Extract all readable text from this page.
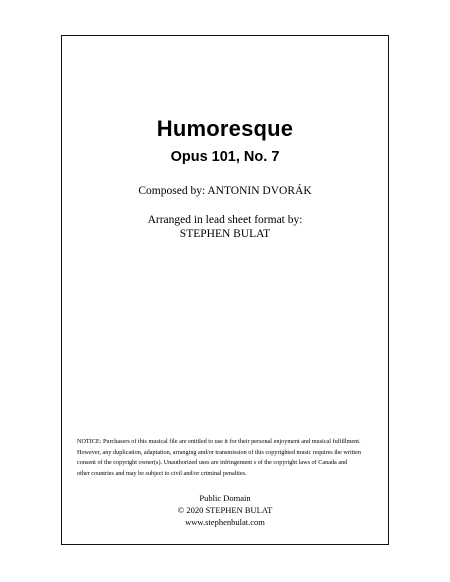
Humoresque
Opus 101, No. 7

Composed by: ANTONIN DVORÁK

Arranged in lead sheet format by:

STEPHEN BULAT

NOTICE: Purchasers of this musical file are entitled to use it for their personal enjoyment and musical fulfillment.
However, any duplication, adaptation, arranging and/or transmission of this copyrighted music requires the written
consent of the copyright owner(s). Unauthorized uses are infringement s of the copyright laws of Canada and
other countries and may be subject to civil and/or criminal penalties.

Public Domain

© 2020 STEPHEN BULAT

www.stephenbulat.com
